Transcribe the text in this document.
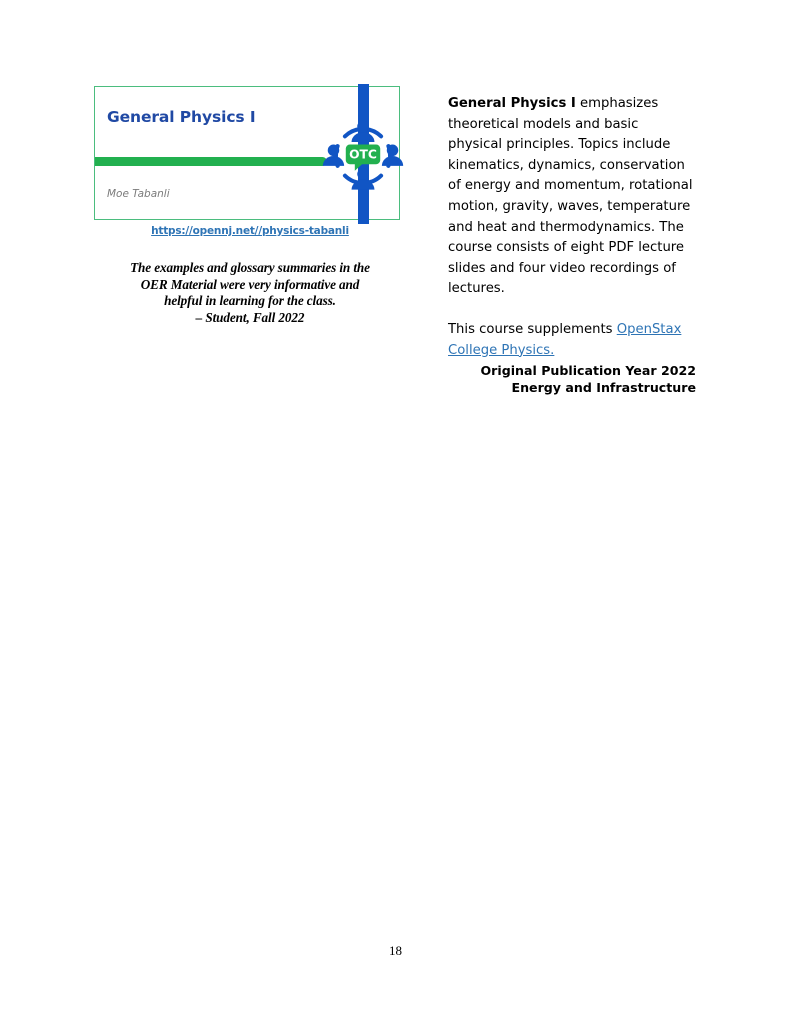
General Physics I
Moe Tabanli
OTC
https://opennj.net//physics-tabanli
The examples and glossary summaries in the
OER Material were very informative and
helpful in learning for the class.
– Student, Fall 2022

General Physics I emphasizes theoretical models and basic physical principles. Topics include kinematics, dynamics, conservation of energy and momentum, rotational motion, gravity, waves, temperature and heat and thermodynamics. The course consists of eight PDF lecture slides and four video recordings of lectures.

This course supplements OpenStax College Physics.

Original Publication Year 2022

Energy and Infrastructure

18
